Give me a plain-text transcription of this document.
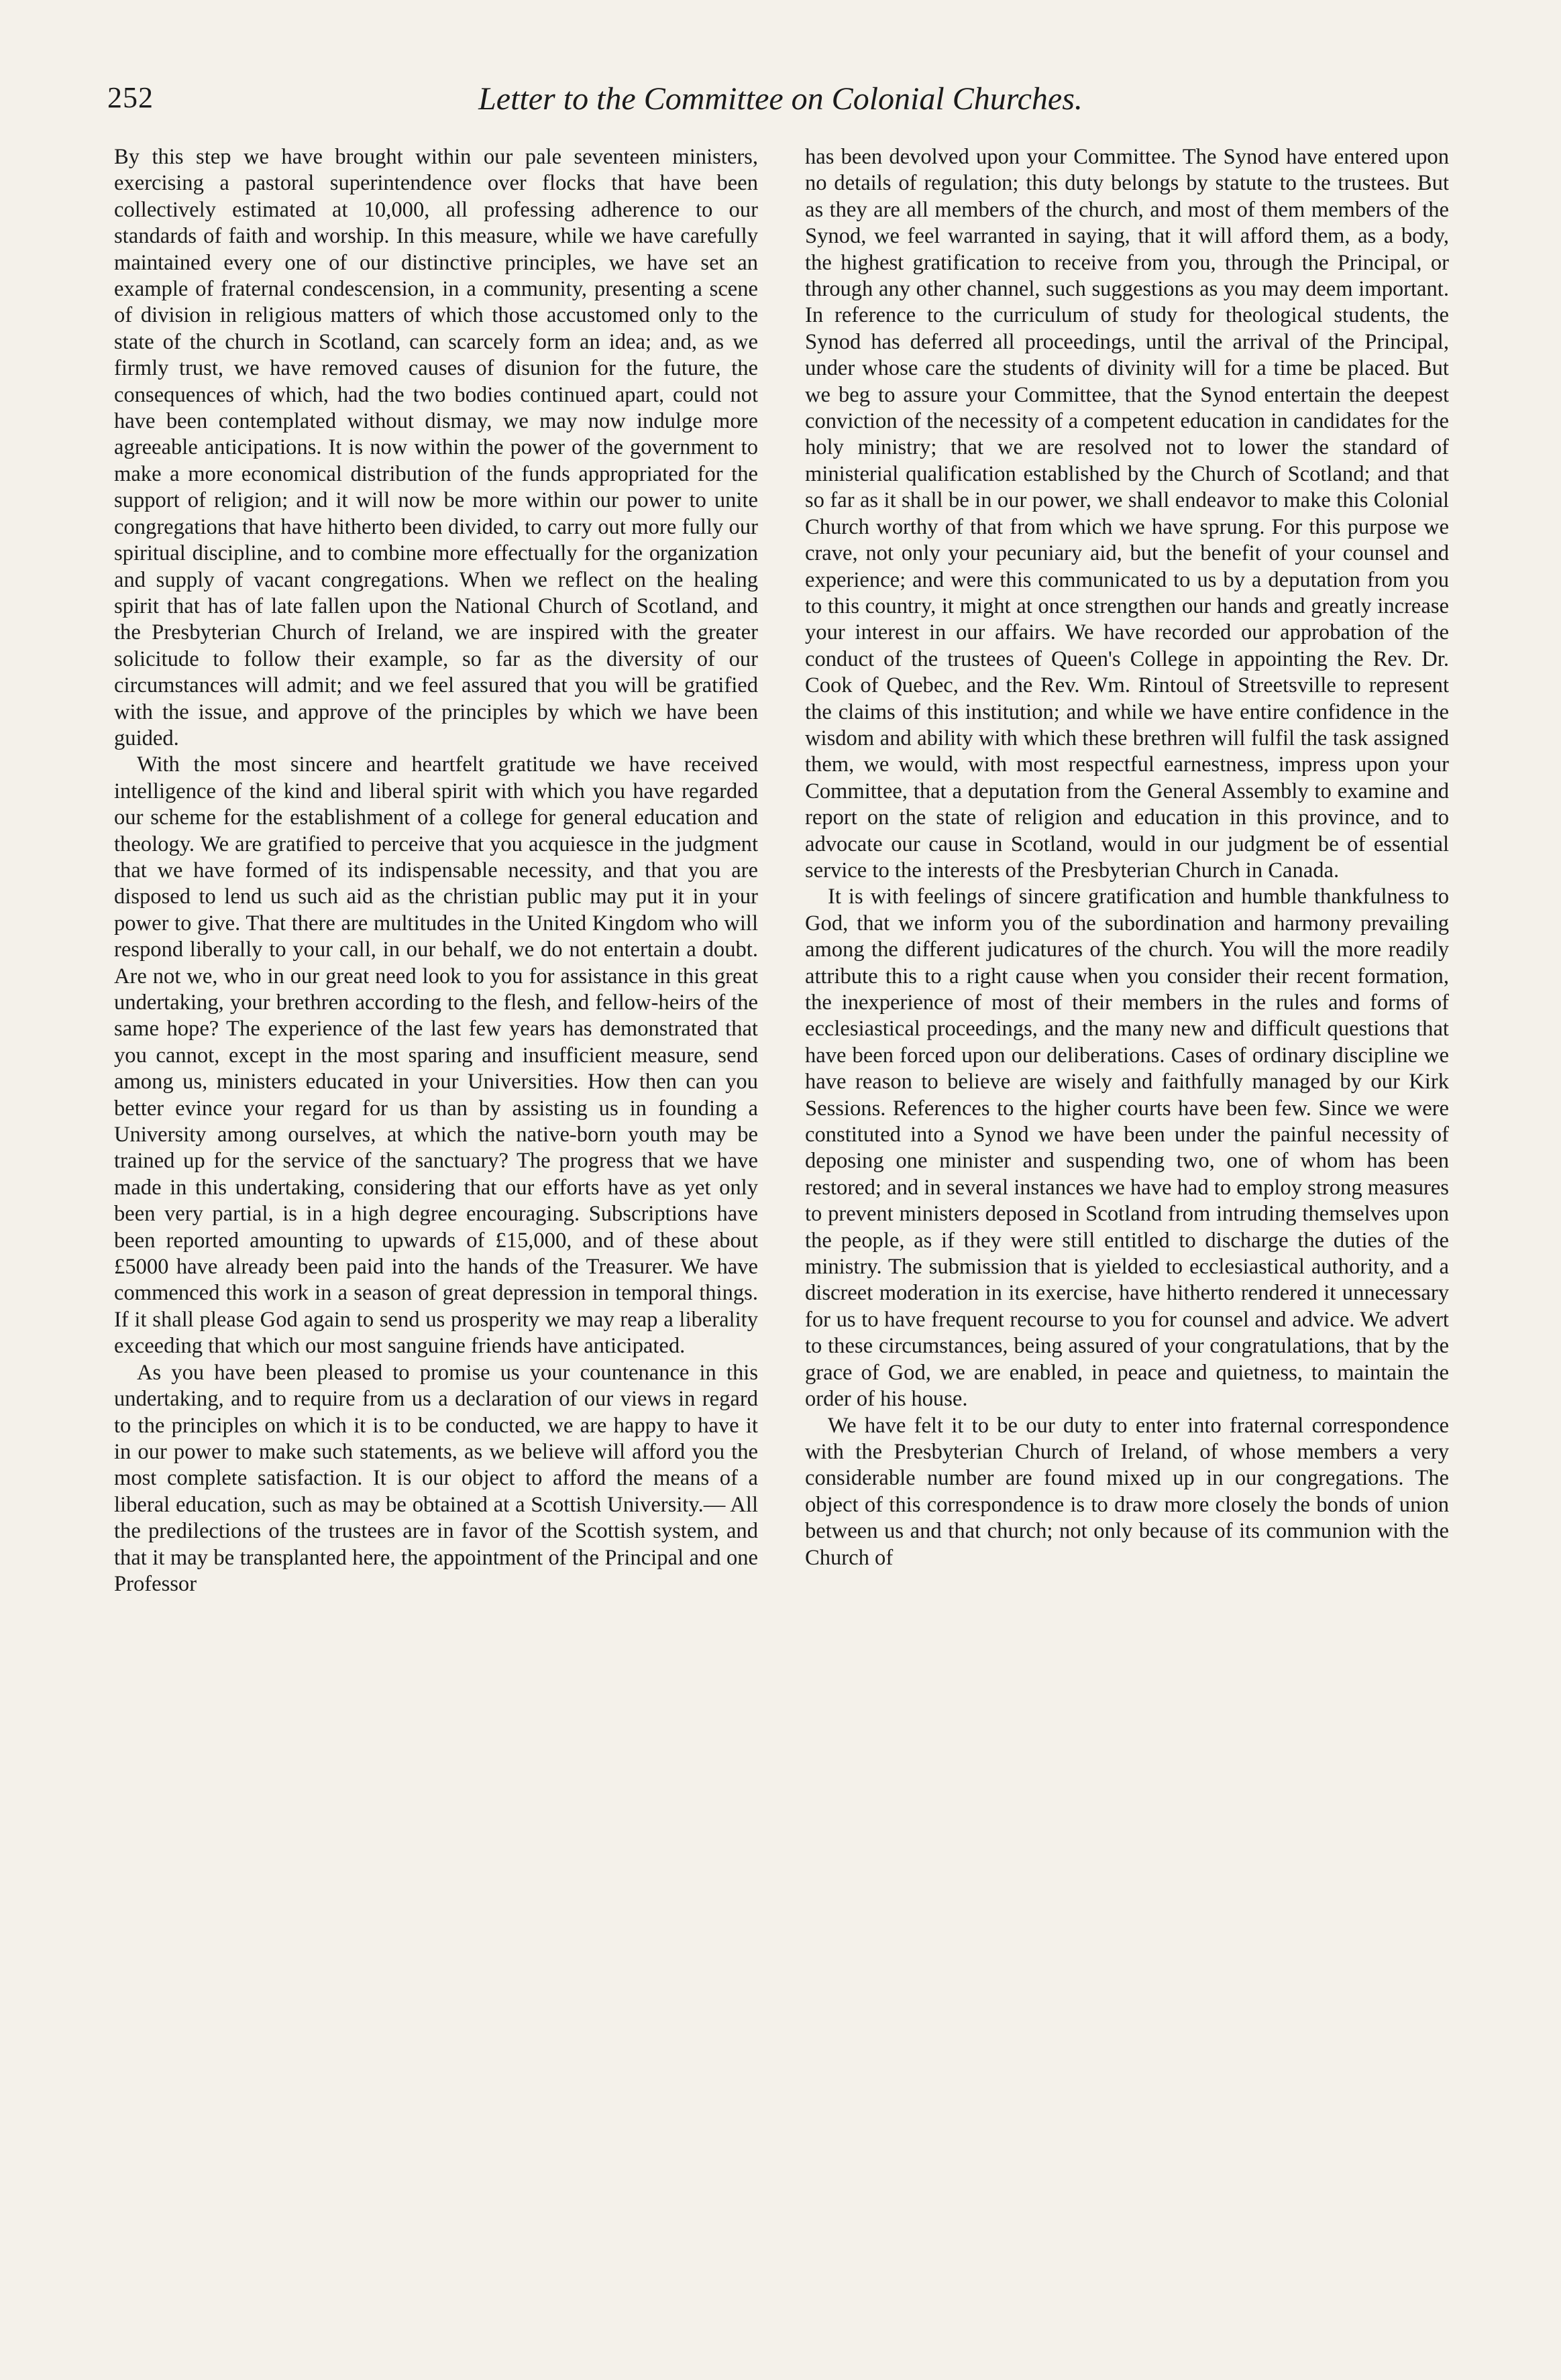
252	Letter to the Committee on Colonial Churches.

By this step we have brought within our pale seventeen ministers, exercising a pastoral superintendence over flocks that have been collectively estimated at 10,000, all professing adherence to our standards of faith and worship. In this measure, while we have carefully maintained every one of our distinctive principles, we have set an example of fraternal condescension, in a community, presenting a scene of division in religious matters of which those accustomed only to the state of the church in Scotland, can scarcely form an idea; and, as we firmly trust, we have removed causes of disunion for the future, the consequences of which, had the two bodies continued apart, could not have been contemplated without dismay, we may now indulge more agreeable anticipations. It is now within the power of the government to make a more economical distribution of the funds appropriated for the support of religion; and it will now be more within our power to unite congregations that have hitherto been divided, to carry out more fully our spiritual discipline, and to combine more effectually for the organization and supply of vacant congregations. When we reflect on the healing spirit that has of late fallen upon the National Church of Scotland, and the Presbyterian Church of Ireland, we are inspired with the greater solicitude to follow their example, so far as the diversity of our circumstances will admit; and we feel assured that you will be gratified with the issue, and approve of the principles by which we have been guided.

With the most sincere and heartfelt gratitude we have received intelligence of the kind and liberal spirit with which you have regarded our scheme for the establishment of a college for general education and theology. We are gratified to perceive that you acquiesce in the judgment that we have formed of its indispensable necessity, and that you are disposed to lend us such aid as the christian public may put it in your power to give. That there are multitudes in the United Kingdom who will respond liberally to your call, in our behalf, we do not entertain a doubt. Are not we, who in our great need look to you for assistance in this great undertaking, your brethren according to the flesh, and fellow-heirs of the same hope? The experience of the last few years has demonstrated that you cannot, except in the most sparing and insufficient measure, send among us, ministers educated in your Universities. How then can you better evince your regard for us than by assisting us in founding a University among ourselves, at which the native-born youth may be trained up for the service of the sanctuary? The progress that we have made in this undertaking, considering that our efforts have as yet only been very partial, is in a high degree encouraging. Subscriptions have been reported amounting to upwards of £15,000, and of these about £5000 have already been paid into the hands of the Treasurer. We have commenced this work in a season of great depression in temporal things. If it shall please God again to send us prosperity we may reap a liberality exceeding that which our most sanguine friends have anticipated.

As you have been pleased to promise us your countenance in this undertaking, and to require from us a declaration of our views in regard to the principles on which it is to be conducted, we are happy to have it in our power to make such statements, as we believe will afford you the most complete satisfaction. It is our object to afford the means of a liberal education, such as may be obtained at a Scottish University.— All the predilections of the trustees are in favor of the Scottish system, and that it may be transplanted here, the appointment of the Principal and one Professor

has been devolved upon your Committee. The Synod have entered upon no details of regulation; this duty belongs by statute to the trustees. But as they are all members of the church, and most of them members of the Synod, we feel warranted in saying, that it will afford them, as a body, the highest gratification to receive from you, through the Principal, or through any other channel, such suggestions as you may deem important. In reference to the curriculum of study for theological students, the Synod has deferred all proceedings, until the arrival of the Principal, under whose care the students of divinity will for a time be placed. But we beg to assure your Committee, that the Synod entertain the deepest conviction of the necessity of a competent education in candidates for the holy ministry; that we are resolved not to lower the standard of ministerial qualification established by the Church of Scotland; and that so far as it shall be in our power, we shall endeavor to make this Colonial Church worthy of that from which we have sprung. For this purpose we crave, not only your pecuniary aid, but the benefit of your counsel and experience; and were this communicated to us by a deputation from you to this country, it might at once strengthen our hands and greatly increase your interest in our affairs. We have recorded our approbation of the conduct of the trustees of Queen's College in appointing the Rev. Dr. Cook of Quebec, and the Rev. Wm. Rintoul of Streetsville to represent the claims of this institution; and while we have entire confidence in the wisdom and ability with which these brethren will fulfil the task assigned them, we would, with most respectful earnestness, impress upon your Committee, that a deputation from the General Assembly to examine and report on the state of religion and education in this province, and to advocate our cause in Scotland, would in our judgment be of essential service to the interests of the Presbyterian Church in Canada.

It is with feelings of sincere gratification and humble thankfulness to God, that we inform you of the subordination and harmony prevailing among the different judicatures of the church. You will the more readily attribute this to a right cause when you consider their recent formation, the inexperience of most of their members in the rules and forms of ecclesiastical proceedings, and the many new and difficult questions that have been forced upon our deliberations. Cases of ordinary discipline we have reason to believe are wisely and faithfully managed by our Kirk Sessions. References to the higher courts have been few. Since we were constituted into a Synod we have been under the painful necessity of deposing one minister and suspending two, one of whom has been restored; and in several instances we have had to employ strong measures to prevent ministers deposed in Scotland from intruding themselves upon the people, as if they were still entitled to discharge the duties of the ministry. The submission that is yielded to ecclesiastical authority, and a discreet moderation in its exercise, have hitherto rendered it unnecessary for us to have frequent recourse to you for counsel and advice. We advert to these circumstances, being assured of your congratulations, that by the grace of God, we are enabled, in peace and quietness, to maintain the order of his house.

We have felt it to be our duty to enter into fraternal correspondence with the Presbyterian Church of Ireland, of whose members a very considerable number are found mixed up in our congregations. The object of this correspondence is to draw more closely the bonds of union between us and that church; not only because of its communion with the Church of
